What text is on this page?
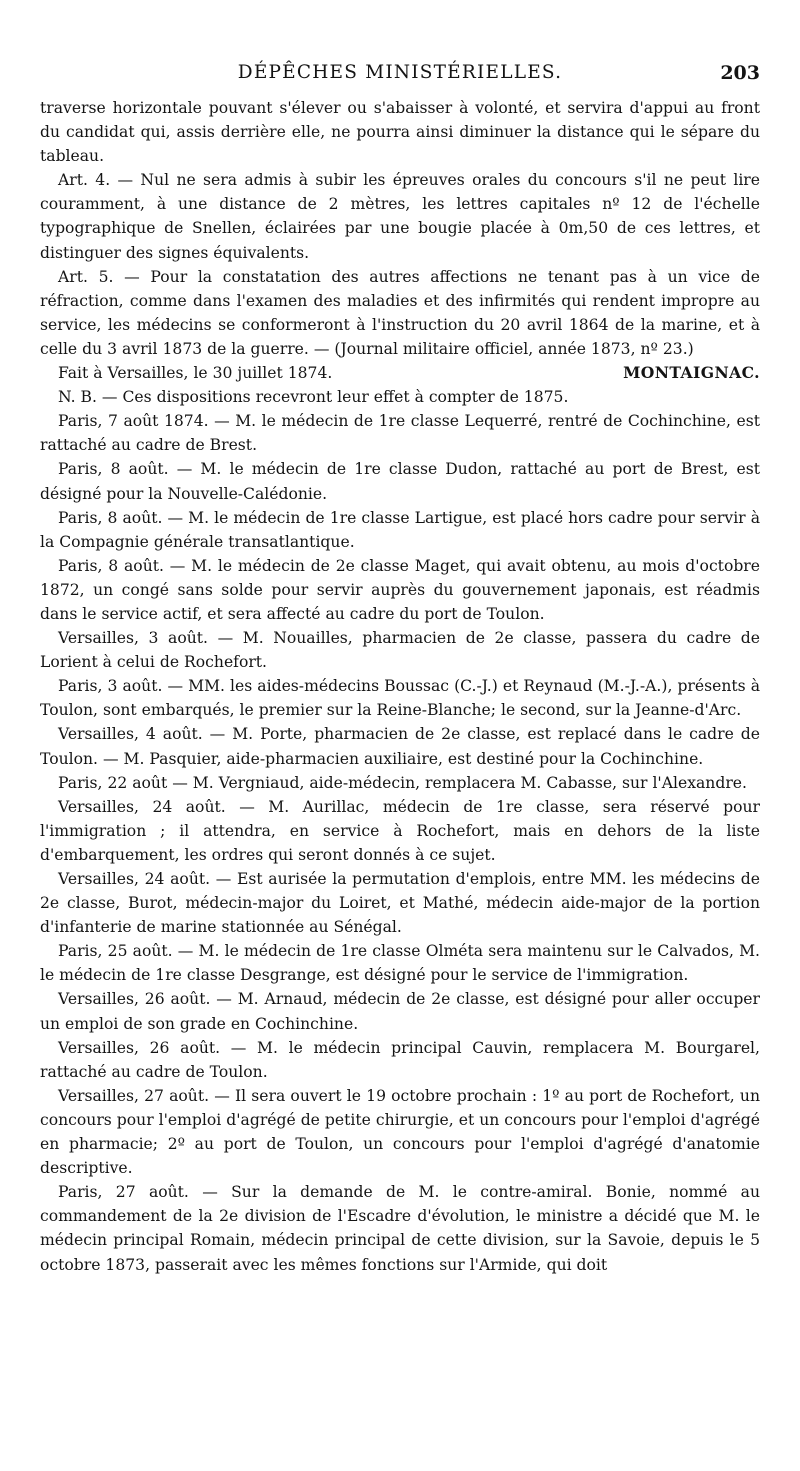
DÉPÊCHES MINISTÉRIELLES.	203

traverse horizontale pouvant s'élever ou s'abaisser à volonté, et servira d'appui au front du candidat qui, assis derrière elle, ne pourra ainsi diminuer la distance qui le sépare du tableau.

Art. 4. — Nul ne sera admis à subir les épreuves orales du concours s'il ne peut lire couramment, à une distance de 2 mètres, les lettres capitales nº 12 de l'échelle typographique de Snellen, éclairées par une bougie placée à 0m,50 de ces lettres, et distinguer des signes équivalents.

Art. 5. — Pour la constatation des autres affections ne tenant pas à un vice de réfraction, comme dans l'examen des maladies et des infirmités qui rendent impropre au service, les médecins se conformeront à l'instruction du 20 avril 1864 de la marine, et à celle du 3 avril 1873 de la guerre. — (Journal militaire officiel, année 1873, nº 23.)

Fait à Versailles, le 30 juillet 1874.	MONTAIGNAC.

N. B. — Ces dispositions recevront leur effet à compter de 1875.

Paris, 7 août 1874. — M. le médecin de 1re classe Lequerré, rentré de Cochinchine, est rattaché au cadre de Brest.

Paris, 8 août. — M. le médecin de 1re classe Dudon, rattaché au port de Brest, est désigné pour la Nouvelle-Calédonie.

Paris, 8 août. — M. le médecin de 1re classe Lartigue, est placé hors cadre pour servir à la Compagnie générale transatlantique.

Paris, 8 août. — M. le médecin de 2e classe Maget, qui avait obtenu, au mois d'octobre 1872, un congé sans solde pour servir auprès du gouvernement japonais, est réadmis dans le service actif, et sera affecté au cadre du port de Toulon.

Versailles, 3 août. — M. Nouailles, pharmacien de 2e classe, passera du cadre de Lorient à celui de Rochefort.

Paris, 3 août. — MM. les aides-médecins Boussac (C.-J.) et Reynaud (M.-J.-A.), présents à Toulon, sont embarqués, le premier sur la Reine-Blanche; le second, sur la Jeanne-d'Arc.

Versailles, 4 août. — M. Porte, pharmacien de 2e classe, est replacé dans le cadre de Toulon. — M. Pasquier, aide-pharmacien auxiliaire, est destiné pour la Cochinchine.

Paris, 22 août — M. Vergniaud, aide-médecin, remplacera M. Cabasse, sur l'Alexandre.

Versailles, 24 août. — M. Aurillac, médecin de 1re classe, sera réservé pour l'immigration ; il attendra, en service à Rochefort, mais en dehors de la liste d'embarquement, les ordres qui seront donnés à ce sujet.

Versailles, 24 août. — Est aurisée la permutation d'emplois, entre MM. les médecins de 2e classe, Burot, médecin-major du Loiret, et Mathé, médecin aide-major de la portion d'infanterie de marine stationnée au Sénégal.

Paris, 25 août. — M. le médecin de 1re classe Olméta sera maintenu sur le Calvados, M. le médecin de 1re classe Desgrange, est désigné pour le service de l'immigration.

Versailles, 26 août. — M. Arnaud, médecin de 2e classe, est désigné pour aller occuper un emploi de son grade en Cochinchine.

Versailles, 26 août. — M. le médecin principal Cauvin, remplacera M. Bourgarel, rattaché au cadre de Toulon.

Versailles, 27 août. — Il sera ouvert le 19 octobre prochain : 1º au port de Rochefort, un concours pour l'emploi d'agrégé de petite chirurgie, et un concours pour l'emploi d'agrégé en pharmacie; 2º au port de Toulon, un concours pour l'emploi d'agrégé d'anatomie descriptive.

Paris, 27 août. — Sur la demande de M. le contre-amiral. Bonie, nommé au commandement de la 2e division de l'Escadre d'évolution, le ministre a décidé que M. le médecin principal Romain, médecin principal de cette division, sur la Savoie, depuis le 5 octobre 1873, passerait avec les mêmes fonctions sur l'Armide, qui doit
